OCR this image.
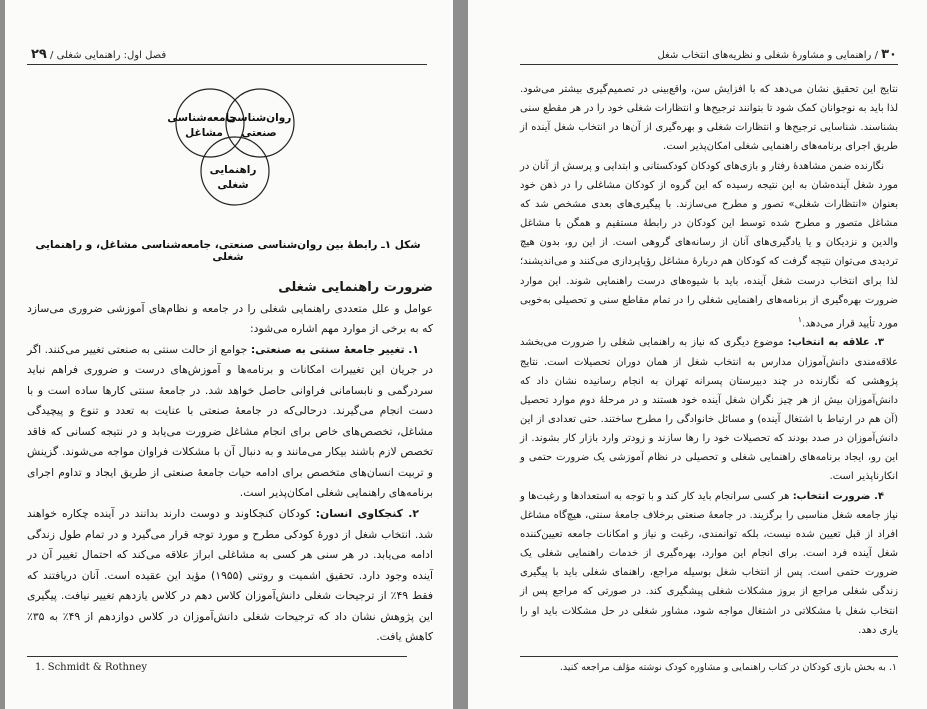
فصل اول: راهنمایی شغلی / ۲۹
روان‌شناسی
صنعتی
جامعه‌شناسی
مشاغل
راهنمایی
شغلی
شکل ۱ـ رابطهٔ بین روان‌شناسی صنعتی، جامعه‌شناسی مشاغل، و راهنمایی شغلی

ضرورت راهنمایی شغلی

عوامل و علل متعددی راهنمایی شغلی را در جامعه و نظام‌های آموزشی ضروری می‌سازد که به برخی از موارد مهم اشاره می‌شود:

۱. تغییر جامعهٔ سنتی به صنعتی: جوامع از حالت سنتی به صنعتی تغییر می‌کنند. اگر در جریان این تغییرات امکانات و برنامه‌ها و آموزش‌های درست و ضروری فراهم نباید سردرگمی و نابسامانی فراوانی حاصل خواهد شد. در جامعهٔ سنتی کارها ساده است و با دست انجام می‌گیرند. درحالی‌که در جامعهٔ صنعتی با عنایت به تعدد و تنوع و پیچیدگی مشاغل، تخصص‌های خاص برای انجام مشاغل ضرورت می‌یابد و در نتیجه کسانی که فاقد تخصص لازم باشند بیکار می‌مانند و به دنبال آن با مشکلات فراوان مواجه می‌شوند. گزینش و تربیت انسان‌های متخصص برای ادامه حیات جامعهٔ صنعتی از طریق ایجاد و تداوم اجرای برنامه‌های راهنمایی شغلی امکان‌پذیر است.

۲. کنجکاوی انسان: کودکان کنجکاوند و دوست دارند بدانند در آینده چکاره خواهند شد. انتخاب شغل از دورهٔ کودکی مطرح و مورد توجه قرار می‌گیرد و در تمام طول زندگی ادامه می‌یابد. در هر سنی هر کسی به مشاغلی ابراز علاقه می‌کند که احتمال تغییر آن در آینده وجود دارد. تحقیق اشمیت و روتنی (۱۹۵۵) مؤید این عقیده است. آنان دریافتند که فقط ۴۹٪ از ترجیحات شغلی دانش‌آموزان کلاس دهم در کلاس یازدهم تغییر نیافت. پیگیری این پژوهش نشان داد که ترجیحات شغلی دانش‌آموزان در کلاس دوازدهم از ۴۹٪ به ۳۵٪ کاهش یافت.

1. Schmidt & Rothney
۳۰ / راهنمایی و مشاورهٔ شغلی و نظریه‌های انتخاب شغل

نتایج این تحقیق نشان می‌دهد که با افزایش سن، واقع‌بینی در تصمیم‌گیری بیشتر می‌شود. لذا باید به نوجوانان کمک شود تا بتوانند ترجیح‌ها و انتظارات شغلی خود را در هر مقطع سنی بشناسند. شناسایی ترجیح‌ها و انتظارات شغلی و بهره‌گیری از آن‌ها در انتخاب شغل آینده از طریق اجرای برنامه‌های راهنمایی شغلی امکان‌پذیر است.

نگارنده ضمن مشاهدهٔ رفتار و بازی‌های کودکان کودکستانی و ابتدایی و پرسش از آنان در مورد شغل آینده‌شان به این نتیجه رسیده که این گروه از کودکان مشاغلی را در ذهن خود بعنوان «انتظارات شغلی» تصور و مطرح می‌سازند. با پیگیری‌های بعدی مشخص شد که مشاغل متصور و مطرح شده توسط این کودکان در رابطهٔ مستقیم و همگن با مشاغل والدین و نزدیکان و یا یادگیری‌های آنان از رسانه‌های گروهی است. از این رو، بدون هیچ تردیدی می‌توان نتیجه گرفت که کودکان هم دربارهٔ مشاغل رؤیاپردازی می‌کنند و می‌اندیشند؛ لذا برای انتخاب درست شغل آینده، باید با شیوه‌های درست راهنمایی شوند. این موارد ضرورت بهره‌گیری از برنامه‌های راهنمایی شغلی را در تمام مقاطع سنی و تحصیلی به‌خوبی مورد تأیید قرار می‌دهد.$^۱$

۳. علاقه به انتخاب: موضوع دیگری که نیاز به راهنمایی شغلی را ضرورت می‌بخشد علاقه‌مندی دانش‌آموزان مدارس به انتخاب شغل از همان دوران تحصیلات است. نتایج پژوهشی که نگارنده در چند دبیرستان پسرانه تهران به انجام رسانیده نشان داد که دانش‌آموزان بیش از هر چیز نگران شغل آینده خود هستند و در مرحلهٔ دوم موارد تحصیل (آن هم در ارتباط با اشتغال آینده) و مسائل خانوادگی را مطرح ساختند. حتی تعدادی از این دانش‌آموزان در صدد بودند که تحصیلات خود را رها سازند و زودتر وارد بازار کار بشوند. از این رو، ایجاد برنامه‌های راهنمایی شغلی و تحصیلی در نظام آموزشی یک ضرورت حتمی و انکارناپذیر است.

۴. ضرورت انتخاب: هر کسی سرانجام باید کار کند و با توجه به استعدادها و رغبت‌ها و نیاز جامعه شغل مناسبی را برگزیند. در جامعهٔ صنعتی برخلاف جامعهٔ سنتی، هیچ‌گاه مشاغل افراد از قبل تعیین شده نیست، بلکه توانمندی، رغبت و نیاز و امکانات جامعه تعیین‌کننده شغل آینده فرد است. برای انجام این موارد، بهره‌گیری از خدمات راهنمایی شغلی یک ضرورت حتمی است. پس از انتخاب شغل بوسیله مراجع، راهنمای شغلی باید با پیگیری زندگی شغلی مراجع از بروز مشکلات شغلی پیشگیری کند. در صورتی که مراجع پس از انتخاب شغل با مشکلاتی در اشتغال مواجه شود، مشاور شغلی در حل مشکلات باید او را یاری دهد.

۱. به بخش بازی کودکان در کتاب راهنمایی و مشاوره کودک نوشته مؤلف مراجعه کنید.
